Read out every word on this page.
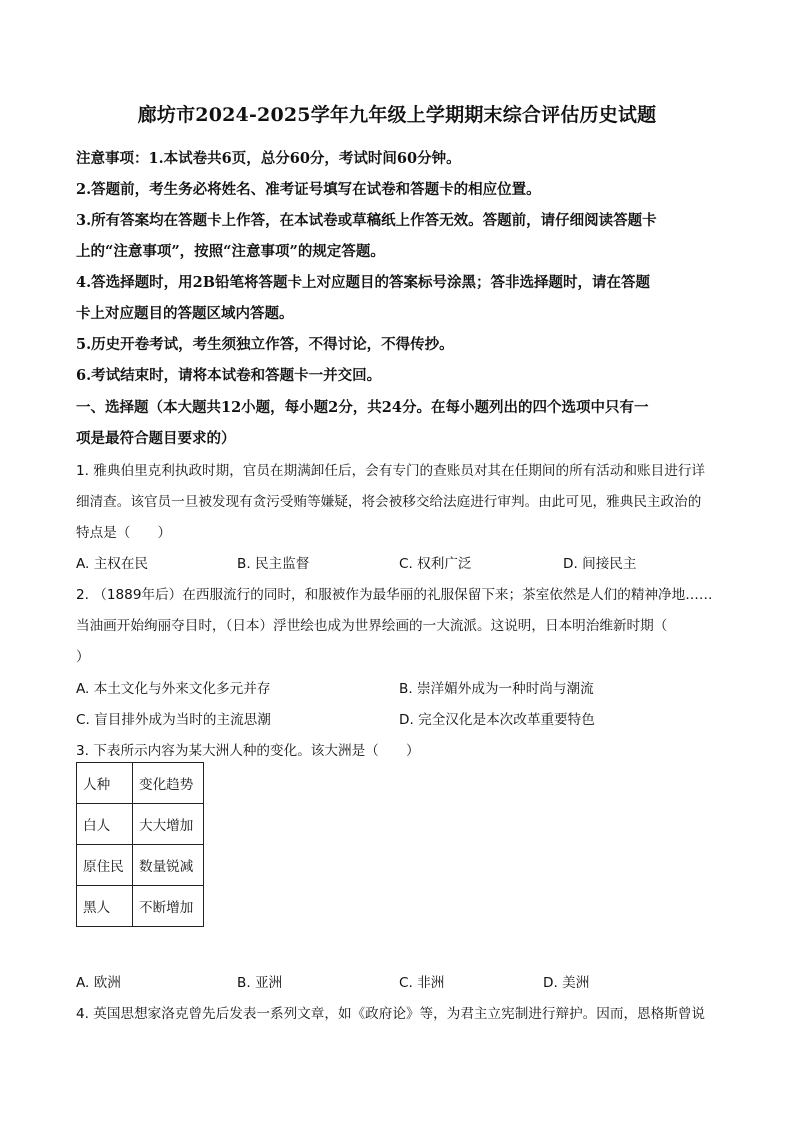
廊坊市2024-2025学年九年级上学期期末综合评估历史试题
注意事项：1.本试卷共6页，总分60分，考试时间60分钟。
2.答题前，考生务必将姓名、准考证号填写在试卷和答题卡的相应位置。
3.所有答案均在答题卡上作答，在本试卷或草稿纸上作答无效。答题前，请仔细阅读答题卡
上的“注意事项”，按照“注意事项”的规定答题。
4.答选择题时，用2B铅笔将答题卡上对应题目的答案标号涂黑；答非选择题时，请在答题
卡上对应题目的答题区域内答题。
5.历史开卷考试，考生须独立作答，不得讨论，不得传抄。
6.考试结束时，请将本试卷和答题卡一并交回。
一、选择题（本大题共12小题，每小题2分，共24分。在每小题列出的四个选项中只有一
项是最符合题目要求的）
1. 雅典伯里克利执政时期，官员在期满卸任后，会有专门的查账员对其在任期间的所有活动和账目进行详
细清查。该官员一旦被发现有贪污受贿等嫌疑，将会被移交给法庭进行审判。由此可见，雅典民主政治的
特点是（　　）
A. 主权在民	B. 民主监督	C. 权利广泛	D. 间接民主
2. （1889年后）在西服流行的同时，和服被作为最华丽的礼服保留下来；茶室依然是人们的精神净地……
当油画开始绚丽夺目时，（日本）浮世绘也成为世界绘画的一大流派。这说明，日本明治维新时期（
）
A. 本土文化与外来文化多元并存	B. 崇洋媚外成为一种时尚与潮流
C. 盲目排外成为当时的主流思潮	D. 完全汉化是本次改革重要特色
3. 下表所示内容为某大洲人种的变化。该大洲是（　　）
人种	变化趋势
白人	大大增加
原住民	数量锐减
黑人	不断增加
A. 欧洲	B. 亚洲	C. 非洲	D. 美洲
4. 英国思想家洛克曾先后发表一系列文章，如《政府论》等，为君主立宪制进行辩护。因而，恩格斯曾说
